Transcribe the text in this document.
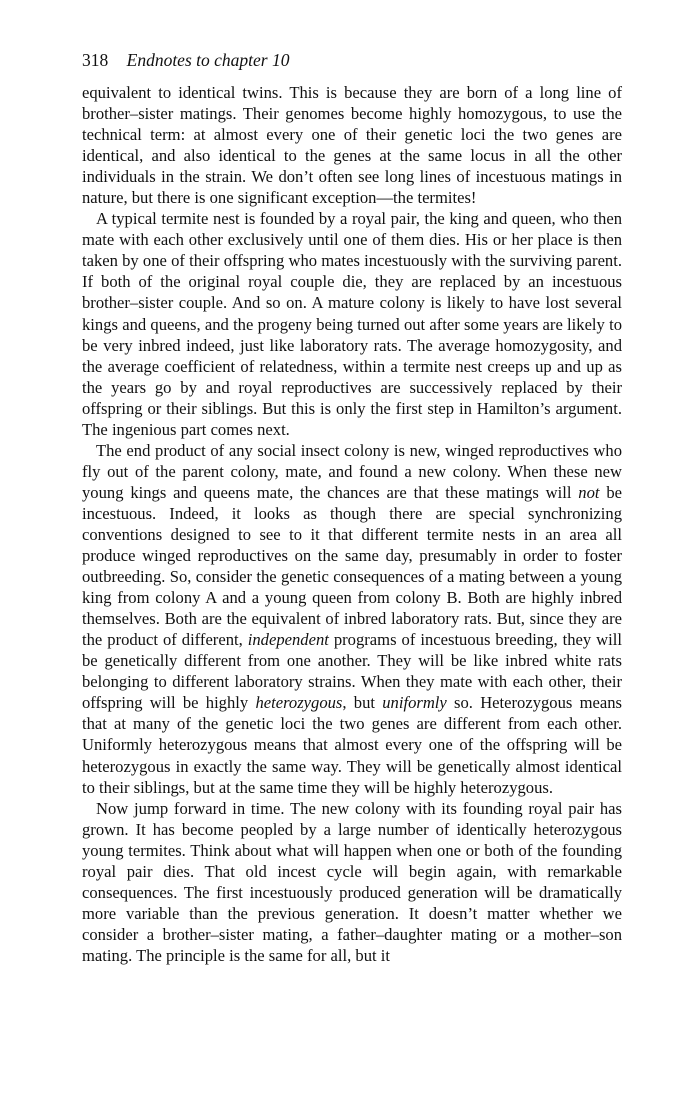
318 Endnotes to chapter 10

equivalent to identical twins. This is because they are born of a long line of brother–sister matings. Their genomes become highly homozygous, to use the technical term: at almost every one of their genetic loci the two genes are identical, and also identical to the genes at the same locus in all the other individuals in the strain. We don’t often see long lines of incestuous matings in nature, but there is one significant exception—the termites!

A typical termite nest is founded by a royal pair, the king and queen, who then mate with each other exclusively until one of them dies. His or her place is then taken by one of their offspring who mates incestuously with the surviving parent. If both of the original royal couple die, they are replaced by an incestuous brother–sister couple. And so on. A mature colony is likely to have lost several kings and queens, and the progeny being turned out after some years are likely to be very inbred indeed, just like laboratory rats. The average homozygosity, and the average coefficient of relatedness, within a termite nest creeps up and up as the years go by and royal reproductives are successively replaced by their offspring or their siblings. But this is only the first step in Hamilton’s argument. The ingenious part comes next.

The end product of any social insect colony is new, winged reproductives who fly out of the parent colony, mate, and found a new colony. When these new young kings and queens mate, the chances are that these matings will not be incestuous. Indeed, it looks as though there are special synchronizing conventions designed to see to it that different termite nests in an area all produce winged reproductives on the same day, presumably in order to foster outbreeding. So, consider the genetic consequences of a mating between a young king from colony A and a young queen from colony B. Both are highly inbred themselves. Both are the equivalent of inbred laboratory rats. But, since they are the product of different, independent programs of incestuous breeding, they will be genetically different from one another. They will be like inbred white rats belonging to different laboratory strains. When they mate with each other, their offspring will be highly heterozygous, but uniformly so. Heterozygous means that at many of the genetic loci the two genes are different from each other. Uniformly heterozygous means that almost every one of the offspring will be heterozygous in exactly the same way. They will be genetically almost identical to their siblings, but at the same time they will be highly heterozygous.

Now jump forward in time. The new colony with its founding royal pair has grown. It has become peopled by a large number of identically heterozygous young termites. Think about what will happen when one or both of the founding royal pair dies. That old incest cycle will begin again, with remarkable consequences. The first incestuously produced generation will be dramatically more variable than the previous generation. It doesn’t matter whether we consider a brother–sister mating, a father–daughter mating or a mother–son mating. The principle is the same for all, but it
